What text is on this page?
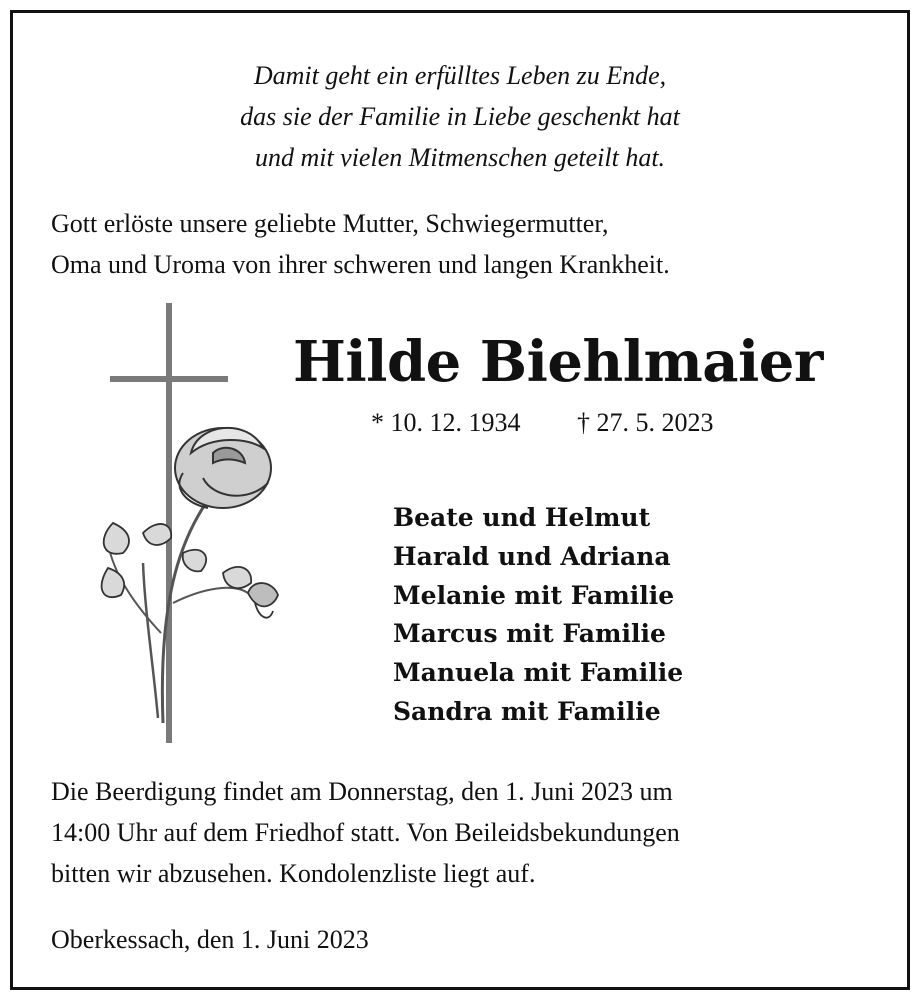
Damit geht ein erfülltes Leben zu Ende,
das sie der Familie in Liebe geschenkt hat
und mit vielen Mitmenschen geteilt hat.
Gott erlöste unsere geliebte Mutter, Schwiegermutter,
Oma und Uroma von ihrer schweren und langen Krankheit.
Hilde Biehlmaier
* 10. 12. 1934 † 27. 5. 2023
Beate und Helmut
Harald und Adriana
Melanie mit Familie
Marcus mit Familie
Manuela mit Familie
Sandra mit Familie
Die Beerdigung findet am Donnerstag, den 1. Juni 2023 um
14:00 Uhr auf dem Friedhof statt. Von Beileidsbekundungen
bitten wir abzusehen. Kondolenzliste liegt auf.
Oberkessach, den 1. Juni 2023
